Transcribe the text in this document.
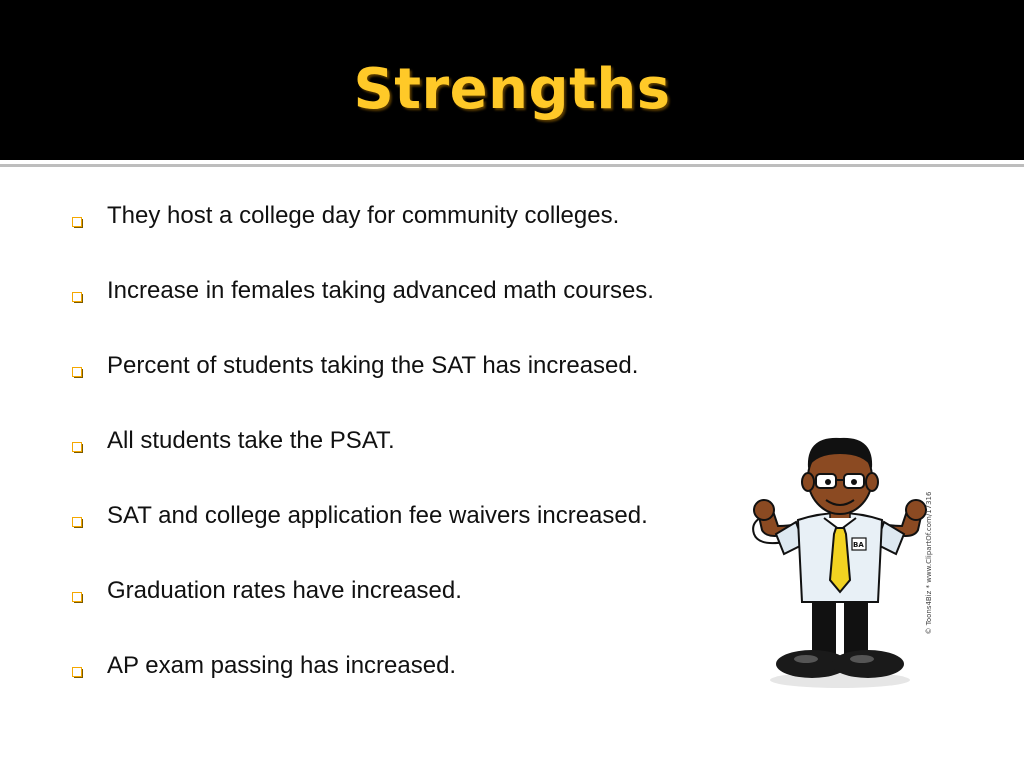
Strengths
They host a college day for community colleges.
Increase in females taking advanced math courses.
Percent of students taking the SAT has increased.
All students take the PSAT.
SAT and college application fee waivers increased.
Graduation rates have increased.
AP exam passing has increased.
BA	© Toons4Biz * www.ClipartOf.com/17316
